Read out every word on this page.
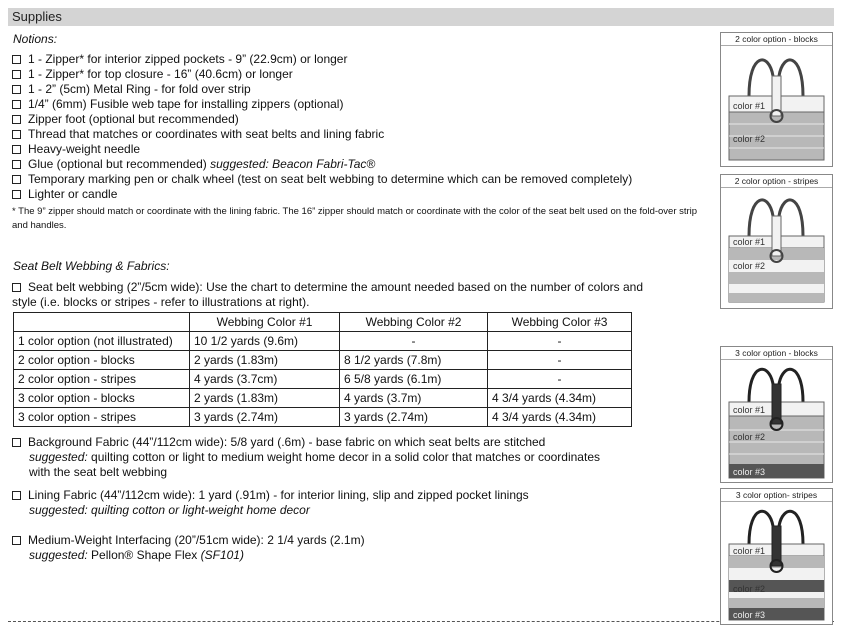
Supplies
Notions:
1 - Zipper* for interior zipped pockets - 9” (22.9cm) or longer
1 - Zipper* for top closure - 16” (40.6cm) or longer
1 - 2” (5cm) Metal Ring - for fold over strip
1/4” (6mm) Fusible web tape for installing zippers (optional)
Zipper foot (optional but recommended)
Thread that matches or coordinates with seat belts and lining fabric
Heavy-weight needle
Glue (optional but recommended) suggested: Beacon Fabri-Tac®
Temporary marking pen or chalk wheel (test on seat belt webbing to determine which can be removed completely)
Lighter or candle
* The 9” zipper should match or coordinate with the lining fabric. The 16” zipper should match or coordinate with the color of the seat belt used on the fold-over strip and handles.
Seat Belt Webbing & Fabrics:
Seat belt webbing (2”/5cm wide): Use the chart to determine the amount needed based on the number of colors and
style (i.e. blocks or stripes - refer to illustrations at right).
	Webbing Color #1	Webbing Color #2	Webbing Color #3
1 color option (not illustrated)	10 1/2 yards (9.6m)	-	-
2 color option - blocks	2 yards (1.83m)	8 1/2 yards (7.8m)	-
2 color option - stripes	4 yards (3.7cm)	6 5/8 yards (6.1m)	-
3 color option - blocks	2 yards (1.83m)	4 yards (3.7m)	4 3/4 yards (4.34m)
3 color option - stripes	3 yards (2.74m)	3 yards (2.74m)	4 3/4 yards (4.34m)
Background Fabric (44”/112cm wide): 5/8 yard (.6m) - base fabric on which seat belts are stitched
suggested: quilting cotton or light to medium weight home decor in a solid color that matches or coordinates
with the seat belt webbing
Lining Fabric (44”/112cm wide): 1 yard (.91m) - for interior lining, slip and zipped pocket linings
suggested: quilting cotton or light-weight home decor
Medium-Weight Interfacing (20”/51cm wide): 2 1/4 yards (2.1m)
suggested: Pellon® Shape Flex (SF101)
2 color option - blocks
color #1
color #2
2 color option - stripes
color #1
color #2
3 color option - blocks
color #1
color #2
color #3
3 color option- stripes
color #1
color #2
color #3
